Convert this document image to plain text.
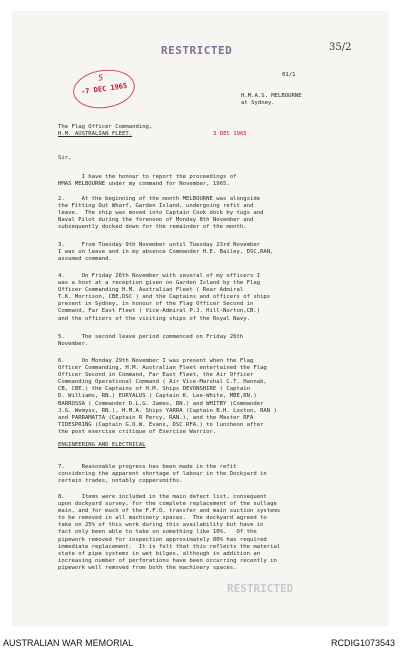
RESTRICTED	35/2
5
-7 DEC 1965
01/1
H.M.A.S. MELBOURNE
at Sydney.
The Flag Officer Commanding,
H.M. AUSTRALIAN FLEET.	3 DEC 1965
Sir,
I have the honour to report the proceedings of
HMAS MELBOURNE under my command for November, 1965.
2.     At the beginning of the month MELBOURNE was alongside
the Fitting Out Wharf, Garden Island, undergoing refit and
leave.  The ship was moved into Captain Cook dock by tugs and
Naval Pilot during the forenoon of Monday 8th November and
subsequently docked down for the remainder of the month.
3.     From Tuesday 9th November until Tuesday 23rd November
I was on leave and in my absence Commander H.E. Bailey, DSC,RAN,
assumed command.
4.     On Friday 26th November with several of my officers I
was a host at a reception given on Garden Island by the Flag
Officer Commanding H.M. Australian Fleet ( Rear Admiral
T.K. Morrison, CBE,DSC ) and the Captains and officers of ships
present in Sydney, in honour of the Flag Officer Second in
Command, Far East Fleet ( Vice-Admiral P.J. Hill-Norton,CB.)
and the officers of the visiting ships of the Royal Navy.
5.     The second leave period commenced on Friday 26th
November.
6.     On Monday 29th November I was present when the Flag
Officer Commanding, H.M. Australian Fleet entertained the Flag
Officer Second in Command, Far East Fleet, the Air Officer
Commanding Operational Command ( Air Vice-Marshal C.T. Hannah,
CB, CBE.) the Captains of H.M. Ships DEVONSHIRE ( Captain
D. Williams, RN.) EURYALUS ( Captain K. Lee-White, MBE,RN.)
BARROSSA ( Commander D.L.G. James, RN.) and WHITBY (Commander
J.G. Wemyss, RN.), H.M.A. Ships YARRA (Captain B.H. Loxton, RAN )
and PARRAMATTA (Captain R Percy, RAN.), and the Master RFA
TIDESPRING (Captain G.O.W. Evans, DSC RFA.) to luncheon after
the post exercise critique of Exercise Warrior.
ENGINEERING AND ELECTRICAL
7.     Reasonable progress has been made in the refit
considering the apparent shortage of labour in the Dockyard in
certain trades, notably coppersmiths.
8.     Items were included in the main defect list, consequent
upon dockyard survey, for the complete replacement of the sullage
main, and for much of the F.F.O. transfer and main suction systems
to be removed in all machinery spaces.  The dockyard agreed to
take on 25% of this work during this availability but have in
fact only been able to take on something like 10%.   Of the
pipework removed for inspection approximately 80% has required
immediate replacement.  It is felt that this reflects the material
state of pipe systems in wet bilges, although in addition an
increasing number of perforations have been occurring recently in
pipework well removed from both the machinery spaces.
RESTRICTED
AUSTRALIAN WAR MEMORIAL	RCDIG1073543
